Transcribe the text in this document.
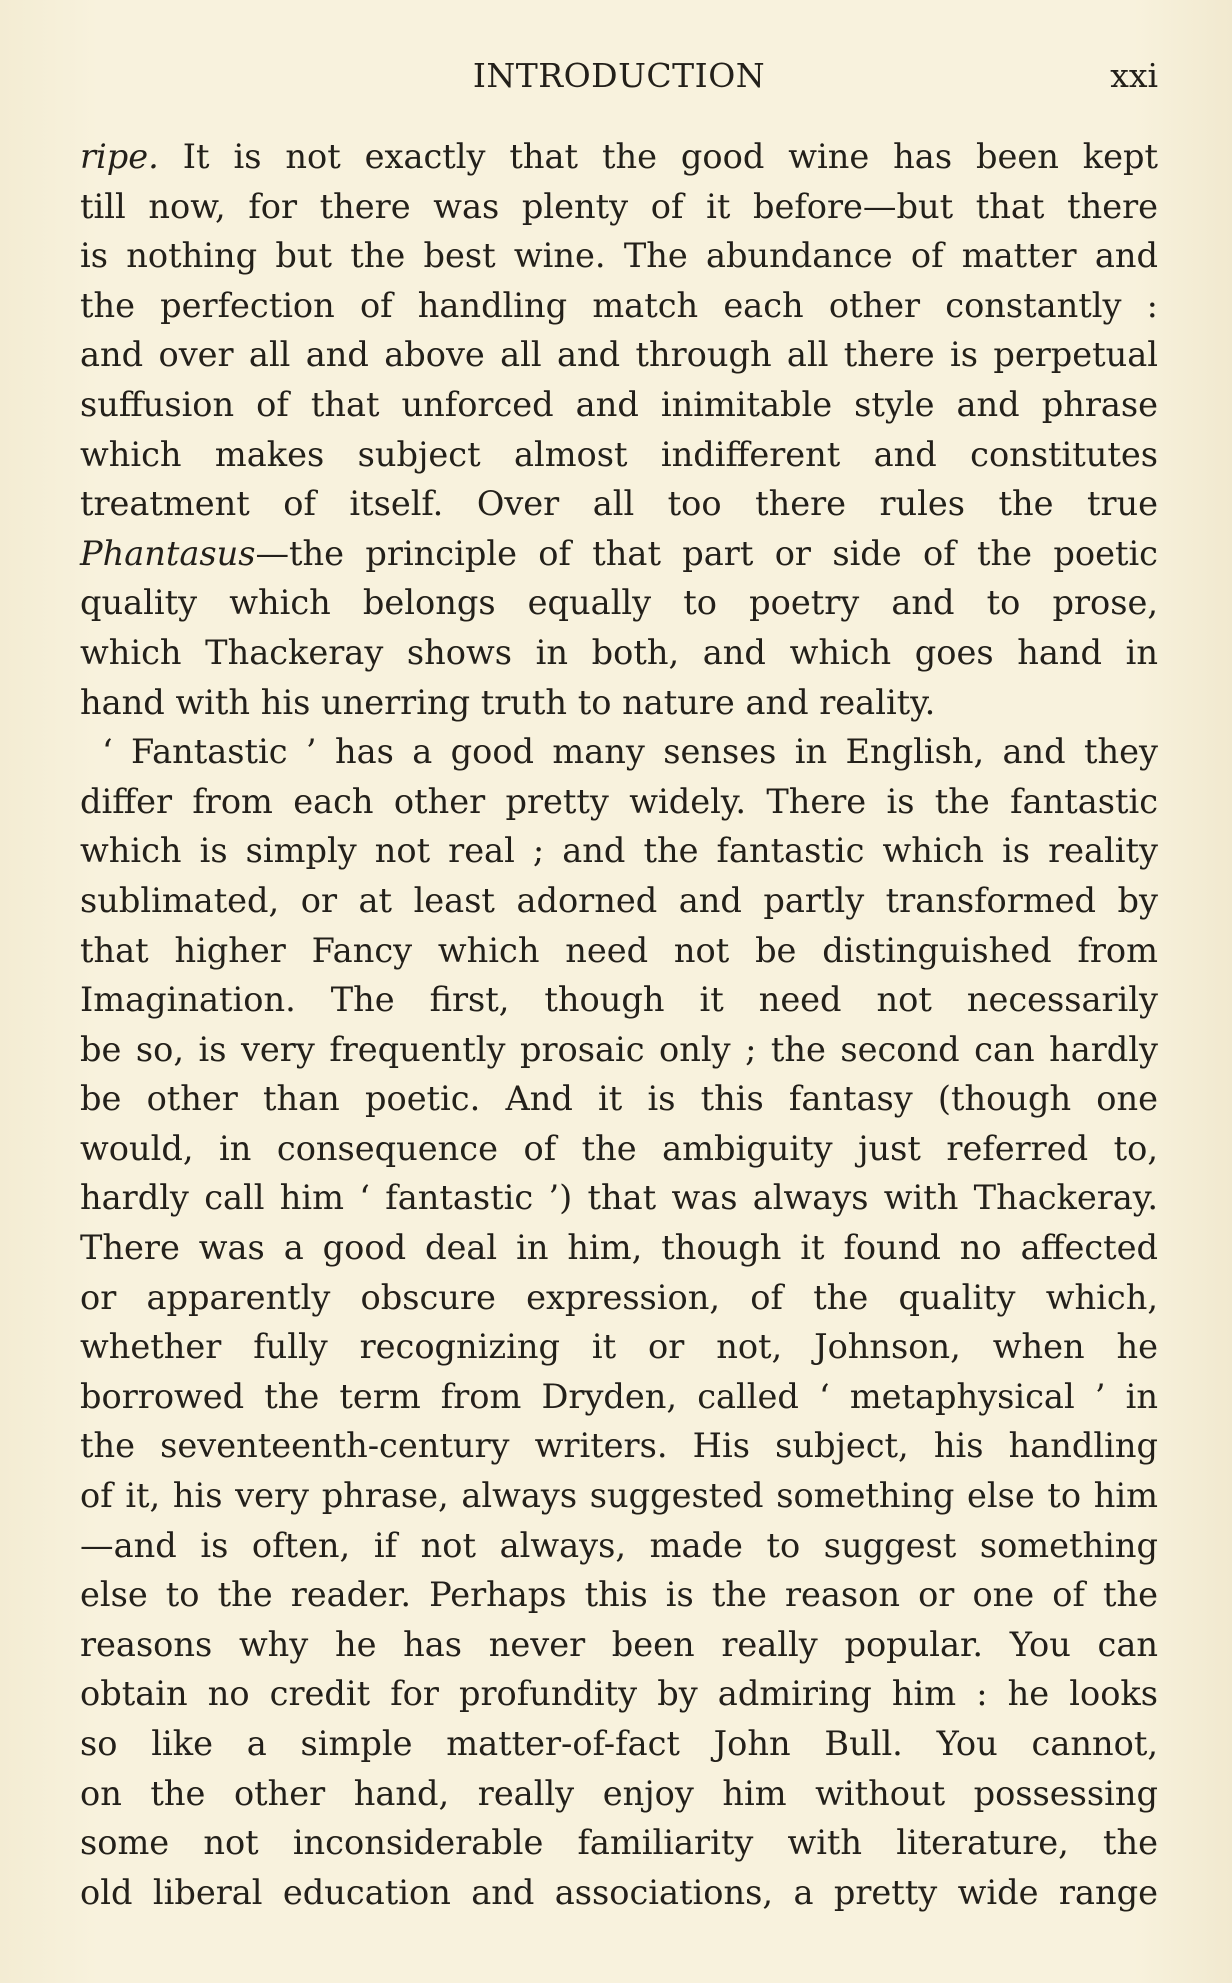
INTRODUCTION	xxi
ripe. It is not exactly that the good wine has been kept
till now, for there was plenty of it before—but that there
is nothing but the best wine. The abundance of matter and
the perfection of handling match each other constantly :
and over all and above all and through all there is perpetual
suffusion of that unforced and inimitable style and phrase
which makes subject almost indifferent and constitutes
treatment of itself. Over all too there rules the true
Phantasus—the principle of that part or side of the poetic
quality which belongs equally to poetry and to prose,
which Thackeray shows in both, and which goes hand in
hand with his unerring truth to nature and reality.
‘ Fantastic ’ has a good many senses in English, and they
differ from each other pretty widely. There is the fantastic
which is simply not real ; and the fantastic which is reality
sublimated, or at least adorned and partly transformed by
that higher Fancy which need not be distinguished from
Imagination. The first, though it need not necessarily
be so, is very frequently prosaic only ; the second can hardly
be other than poetic. And it is this fantasy (though one
would, in consequence of the ambiguity just referred to,
hardly call him ‘ fantastic ’) that was always with Thackeray.
There was a good deal in him, though it found no affected
or apparently obscure expression, of the quality which,
whether fully recognizing it or not, Johnson, when he
borrowed the term from Dryden, called ‘ metaphysical ’ in
the seventeenth-century writers. His subject, his handling
of it, his very phrase, always suggested something else to him
—and is often, if not always, made to suggest something
else to the reader. Perhaps this is the reason or one of the
reasons why he has never been really popular. You can
obtain no credit for profundity by admiring him : he looks
so like a simple matter-of-fact John Bull. You cannot,
on the other hand, really enjoy him without possessing
some not inconsiderable familiarity with literature, the
old liberal education and associations, a pretty wide range
